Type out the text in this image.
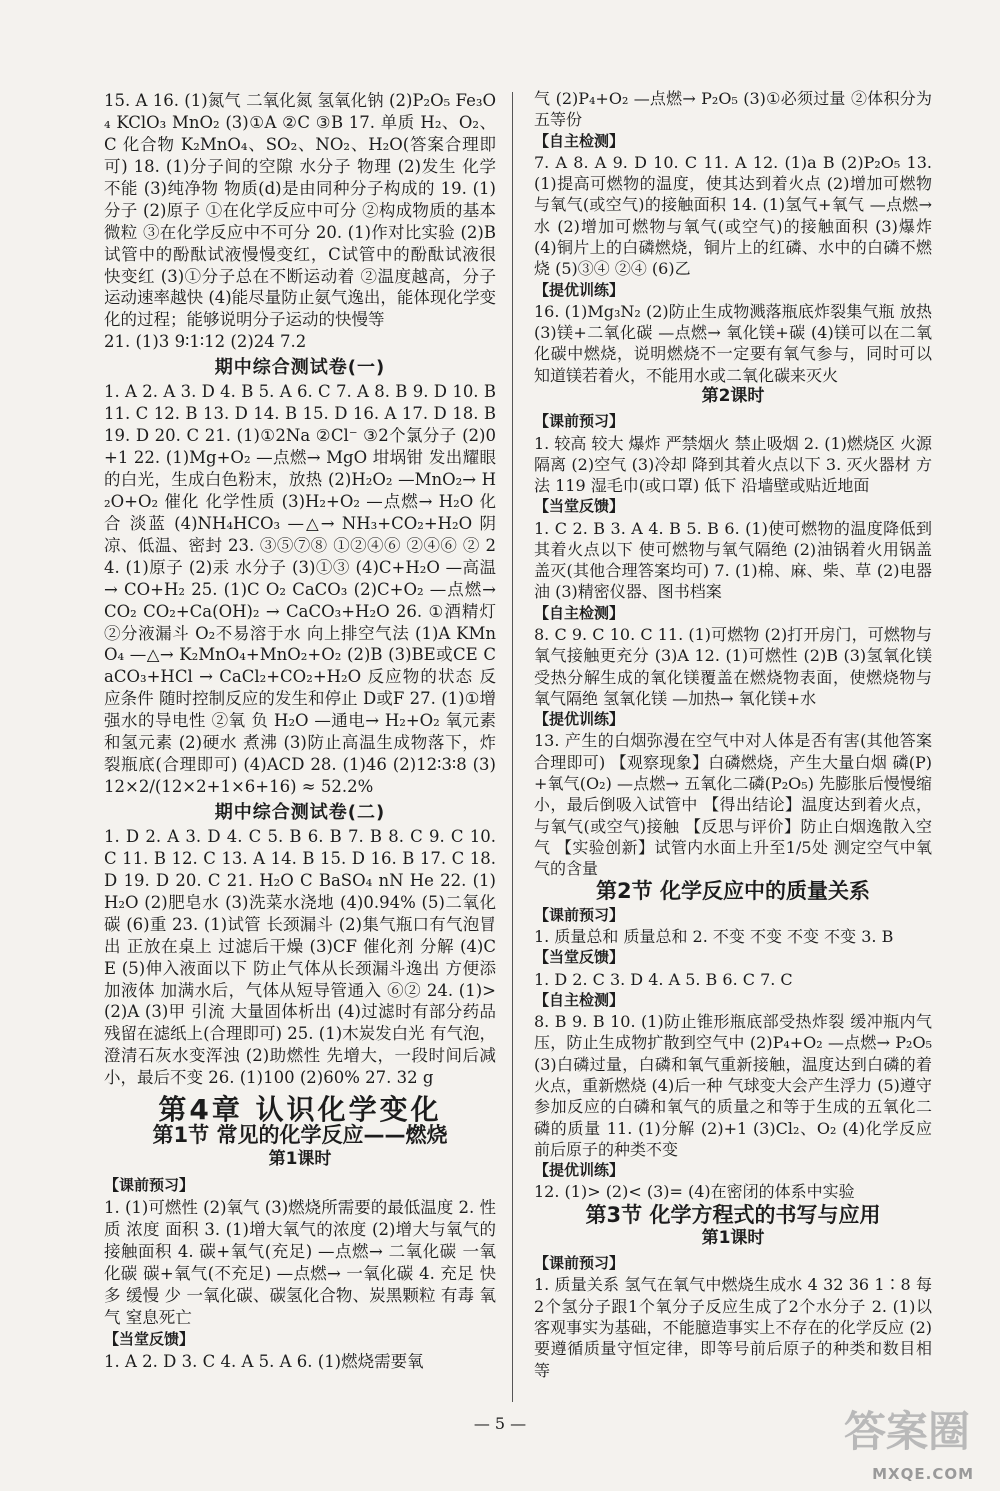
15. A 16. (1)氮气 二氧化氮 氢氧化钠 (2)P₂O₅ Fe₃O₄ KClO₃ MnO₂ (3)①A ②C ③B 17. 单质 H₂、O₂、C 化合物 K₂MnO₄、SO₂、NO₂、H₂O(答案合理即可) 18. (1)分子间的空隙 水分子 物理 (2)发生 化学 不能 (3)纯净物 物质(d)是由同种分子构成的 19. (1)分子 (2)原子 ①在化学反应中可分 ②构成物质的基本微粒 ③在化学反应中不可分 20. (1)作对比实验 (2)B试管中的酚酞试液慢慢变红，C试管中的酚酞试液很快变红 (3)①分子总在不断运动着 ②温度越高，分子运动速率越快 (4)能尽量防止氨气逸出，能体现化学变化的过程；能够说明分子运动的快慢等
21. (1)3 9∶1∶12 (2)24 7.2
期中综合测试卷(一)
1. A 2. A 3. D 4. B 5. A 6. C 7. A 8. B 9. D 10. B 11. C 12. B 13. D 14. B 15. D 16. A 17. D 18. B 19. D 20. C 21. (1)①2Na ②Cl⁻ ③2个氯分子 (2)0 +1 22. (1)Mg+O₂ —点燃→ MgO 坩埚钳 发出耀眼的白光，生成白色粉末，放热 (2)H₂O₂ —MnO₂→ H₂O+O₂ 催化 化学性质 (3)H₂+O₂ —点燃→ H₂O 化合 淡蓝 (4)NH₄HCO₃ —△→ NH₃+CO₂+H₂O 阴凉、低温、密封 23. ③⑤⑦⑧ ①②④⑥ ②④⑥ ② 24. (1)原子 (2)汞 水分子 (3)①③ (4)C+H₂O —高温→ CO+H₂ 25. (1)C O₂ CaCO₃ (2)C+O₂ —点燃→ CO₂ CO₂+Ca(OH)₂ → CaCO₃+H₂O 26. ①酒精灯 ②分液漏斗 O₂不易溶于水 向上排空气法 (1)A KMnO₄ —△→ K₂MnO₄+MnO₂+O₂ (2)B (3)BE或CE CaCO₃+HCl → CaCl₂+CO₂+H₂O 反应物的状态 反应条件 随时控制反应的发生和停止 D或F 27. (1)①增强水的导电性 ②氧 负 H₂O —通电→ H₂+O₂ 氧元素和氢元素 (2)硬水 煮沸 (3)防止高温生成物落下，炸裂瓶底(合理即可) (4)ACD 28. (1)46 (2)12∶3∶8 (3) 12×2/(12×2+1×6+16) ≈ 52.2%
期中综合测试卷(二)
1. D 2. A 3. D 4. C 5. B 6. B 7. B 8. C 9. C 10. C 11. B 12. C 13. A 14. B 15. D 16. B 17. C 18. D 19. D 20. C 21. H₂O C BaSO₄ nN He 22. (1)H₂O (2)肥皂水 (3)洗菜水浇地 (4)0.94% (5)二氧化碳 (6)重 23. (1)试管 长颈漏斗 (2)集气瓶口有气泡冒出 正放在桌上 过滤后干燥 (3)CF 催化剂 分解 (4)C E (5)伸入液面以下 防止气体从长颈漏斗逸出 方便添加液体 加满水后，气体从短导管通入 ⑥② 24. (1)> (2)A (3)甲 引流 大量固体析出 (4)过滤时有部分药品残留在滤纸上(合理即可) 25. (1)木炭发白光 有气泡，澄清石灰水变浑浊 (2)助燃性 先增大，一段时间后减小，最后不变 26. (1)100 (2)60% 27. 32 g
第4章 认识化学变化
第1节 常见的化学反应——燃烧
第1课时
【课前预习】
1. (1)可燃性 (2)氧气 (3)燃烧所需要的最低温度 2. 性质 浓度 面积 3. (1)增大氧气的浓度 (2)增大与氧气的接触面积 4. 碳+氧气(充足) —点燃→ 二氧化碳 一氧化碳 碳+氧气(不充足) —点燃→ 一氧化碳 4. 充足 快 多 缓慢 少 一氧化碳、碳氢化合物、炭黑颗粒 有毒 氧气 窒息死亡
【当堂反馈】
1. A 2. D 3. C 4. A 5. A 6. (1)燃烧需要氧
气 (2)P₄+O₂ —点燃→ P₂O₅ (3)①必须过量 ②体积分为五等份
【自主检测】
7. A 8. A 9. D 10. C 11. A 12. (1)a B (2)P₂O₅ 13. (1)提高可燃物的温度，使其达到着火点 (2)增加可燃物与氧气(或空气)的接触面积 14. (1)氢气+氧气 —点燃→ 水 (2)增加可燃物与氧气(或空气)的接触面积 (3)爆炸 (4)铜片上的白磷燃烧，铜片上的红磷、水中的白磷不燃烧 (5)③④ ②④ (6)乙
【提优训练】
16. (1)Mg₃N₂ (2)防止生成物溅落瓶底炸裂集气瓶 放热 (3)镁+二氧化碳 —点燃→ 氧化镁+碳 (4)镁可以在二氧化碳中燃烧，说明燃烧不一定要有氧气参与，同时可以知道镁若着火，不能用水或二氧化碳来灭火
第2课时
【课前预习】
1. 较高 较大 爆炸 严禁烟火 禁止吸烟 2. (1)燃烧区 火源隔离 (2)空气 (3)冷却 降到其着火点以下 3. 灭火器材 方法 119 湿毛巾(或口罩) 低下 沿墙壁或贴近地面
【当堂反馈】
1. C 2. B 3. A 4. B 5. B 6. (1)使可燃物的温度降低到其着火点以下 使可燃物与氧气隔绝 (2)油锅着火用锅盖盖灭(其他合理答案均可) 7. (1)棉、麻、柴、草 (2)电器 油 (3)精密仪器、图书档案
【自主检测】
8. C 9. C 10. C 11. (1)可燃物 (2)打开房门，可燃物与氧气接触更充分 (3)A 12. (1)可燃性 (2)B (3)氢氧化镁受热分解生成的氧化镁覆盖在燃烧物表面，使燃烧物与氧气隔绝 氢氧化镁 —加热→ 氧化镁+水
【提优训练】
13. 产生的白烟弥漫在空气中对人体是否有害(其他答案合理即可) 【观察现象】白磷燃烧，产生大量白烟 磷(P)+氧气(O₂) —点燃→ 五氧化二磷(P₂O₅) 先膨胀后慢慢缩小，最后倒吸入试管中 【得出结论】温度达到着火点，与氧气(或空气)接触 【反思与评价】防止白烟逸散入空气 【实验创新】试管内水面上升至1/5处 测定空气中氧气的含量
第2节 化学反应中的质量关系
【课前预习】
1. 质量总和 质量总和 2. 不变 不变 不变 不变 3. B
【当堂反馈】
1. D 2. C 3. D 4. A 5. B 6. C 7. C
【自主检测】
8. B 9. B 10. (1)防止锥形瓶底部受热炸裂 缓冲瓶内气压，防止生成物扩散到空气中 (2)P₄+O₂ —点燃→ P₂O₅ (3)白磷过量，白磷和氧气重新接触，温度达到白磷的着火点，重新燃烧 (4)后一种 气球变大会产生浮力 (5)遵守 参加反应的白磷和氧气的质量之和等于生成的五氧化二磷的质量 11. (1)分解 (2)+1 (3)Cl₂、O₂ (4)化学反应前后原子的种类不变
【提优训练】
12. (1)> (2)< (3)= (4)在密闭的体系中实验
第3节 化学方程式的书写与应用
第1课时
【课前预习】
1. 质量关系 氢气在氧气中燃烧生成水 4 32 36 1∶8 每2个氢分子跟1个氧分子反应生成了2个水分子 2. (1)以客观事实为基础，不能臆造事实上不存在的化学反应 (2)要遵循质量守恒定律，即等号前后原子的种类和数目相等
— 5 —	答案圈
MXQE.COM
